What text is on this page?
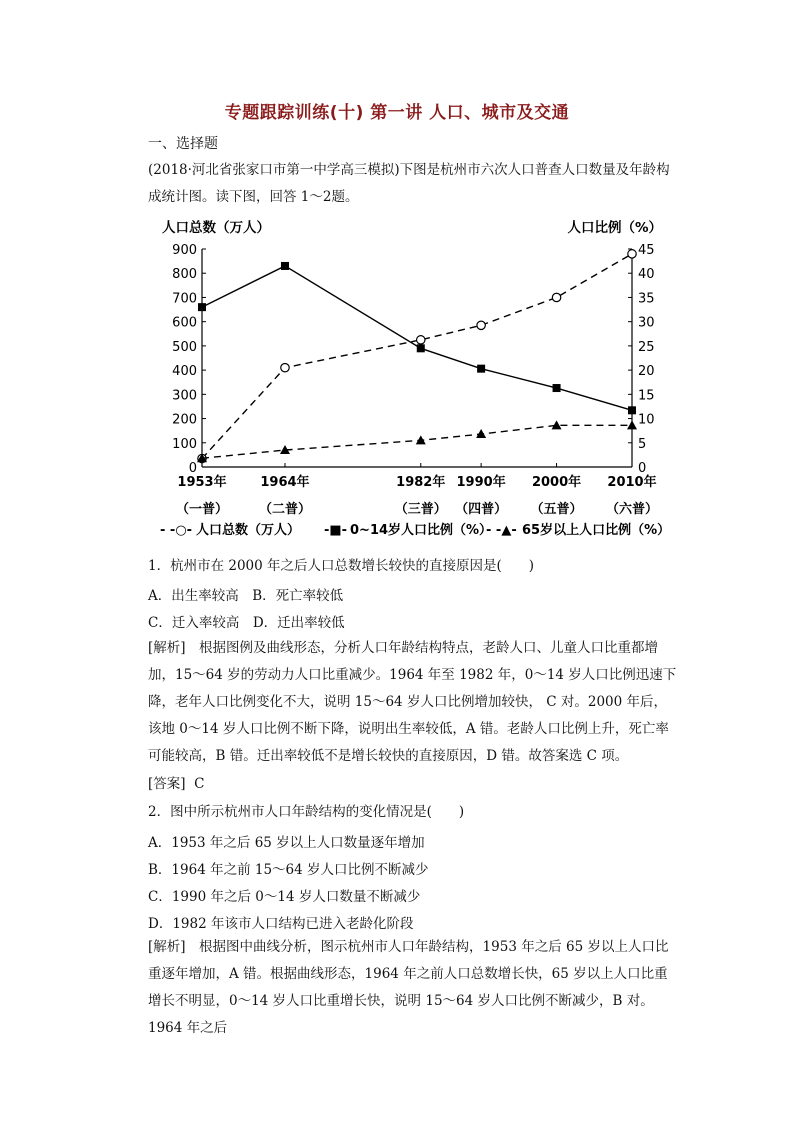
专题跟踪训练(十) 第一讲 人口、城市及交通
一、选择题
(2018·河北省张家口市第一中学高三模拟)下图是杭州市六次人口普查人口数量及年龄构成统计图。读下图，回答 1～2题。
人口总数（万人）	人口比例（%）
900
800
700
600
500
400
300
200
100
0
45
40
35
30
25
20
15
10
5
0
1953年
（一普）
1964年
（二普）
1982年
（三普）
1990年
（四普）
2000年
（五普）
2010年
（六普）
- -○- 人口总数（万人） -■- 0~14岁人口比例（%）
- -▲- 65岁以上人口比例（%）
1．杭州市在 2000 年之后人口总数增长较快的直接原因是(　　)
A．出生率较高　B．死亡率较低
C．迁入率较高　D．迁出率较低
[解析]　根据图例及曲线形态，分析人口年龄结构特点，老龄人口、儿童人口比重都增加，15～64 岁的劳动力人口比重减少。1964 年至 1982 年，0～14 岁人口比例迅速下降，老年人口比例变化不大，说明 15～64 岁人口比例增加较快， C 对。2000 年后，该地 0～14 岁人口比例不断下降，说明出生率较低，A 错。老龄人口比例上升，死亡率可能较高，B 错。迁出率较低不是增长较快的直接原因，D 错。故答案选 C 项。
[答案] C
2．图中所示杭州市人口年龄结构的变化情况是(　　)
A．1953 年之后 65 岁以上人口数量逐年增加
B．1964 年之前 15～64 岁人口比例不断减少
C．1990 年之后 0～14 岁人口数量不断减少
D．1982 年该市人口结构已进入老龄化阶段
[解析]　根据图中曲线分析，图示杭州市人口年龄结构，1953 年之后 65 岁以上人口比重逐年增加，A 错。根据曲线形态，1964 年之前人口总数增长快，65 岁以上人口比重增长不明显，0～14 岁人口比重增长快，说明 15～64 岁人口比例不断减少，B 对。1964 年之后
